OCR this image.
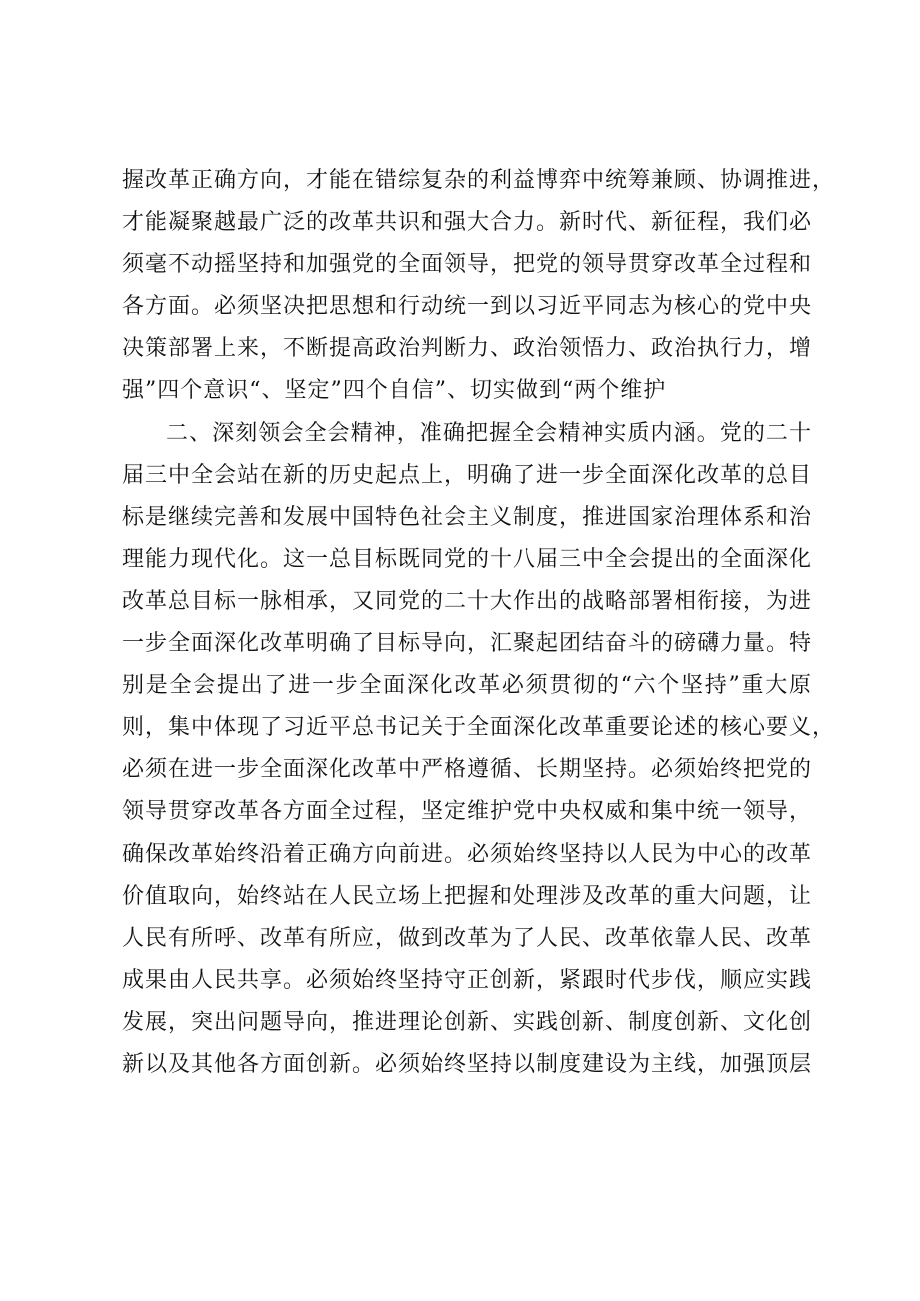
握改革正确方向，才能在错综复杂的利益博弈中统筹兼顾、协调推进，
才能凝聚越最广泛的改革共识和强大合力。新时代、新征程，我们必
须毫不动摇坚持和加强党的全面领导，把党的领导贯穿改革全过程和
各方面。必须坚决把思想和行动统一到以习近平同志为核心的党中央
决策部署上来，不断提高政治判断力、政治领悟力、政治执行力，增
强”四个意识“、坚定”四个自信”、切实做到“两个维护
二、深刻领会全会精神，准确把握全会精神实质内涵。党的二十
届三中全会站在新的历史起点上，明确了进一步全面深化改革的总目
标是继续完善和发展中国特色社会主义制度，推进国家治理体系和治
理能力现代化。这一总目标既同党的十八届三中全会提出的全面深化
改革总目标一脉相承，又同党的二十大作出的战略部署相衔接，为进
一步全面深化改革明确了目标导向，汇聚起团结奋斗的磅礴力量。特
别是全会提出了进一步全面深化改革必须贯彻的“六个坚持”重大原
则，集中体现了习近平总书记关于全面深化改革重要论述的核心要义，
必须在进一步全面深化改革中严格遵循、长期坚持。必须始终把党的
领导贯穿改革各方面全过程，坚定维护党中央权威和集中统一领导，
确保改革始终沿着正确方向前进。必须始终坚持以人民为中心的改革
价值取向，始终站在人民立场上把握和处理涉及改革的重大问题，让
人民有所呼、改革有所应，做到改革为了人民、改革依靠人民、改革
成果由人民共享。必须始终坚持守正创新，紧跟时代步伐，顺应实践
发展，突出问题导向，推进理论创新、实践创新、制度创新、文化创
新以及其他各方面创新。必须始终坚持以制度建设为主线，加强顶层
